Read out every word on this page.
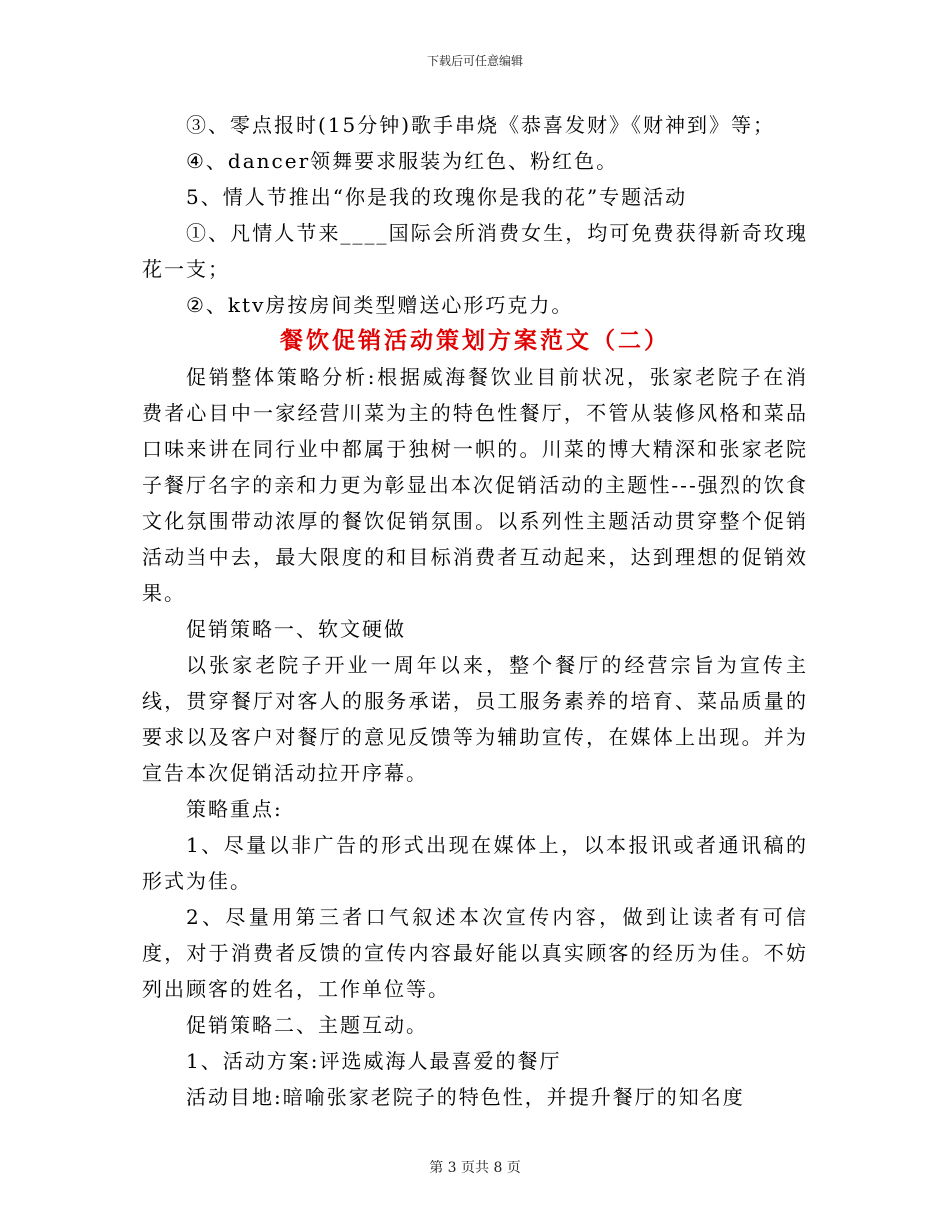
下载后可任意编辑

③、零点报时(15分钟)歌手串烧《恭喜发财》《财神到》等；

④、dancer领舞要求服装为红色、粉红色。

5、情人节推出“你是我的玫瑰你是我的花”专题活动

①、凡情人节来____国际会所消费女生，均可免费获得新奇玫瑰花一支；

②、ktv房按房间类型赠送心形巧克力。

餐饮促销活动策划方案范文（二）

促销整体策略分析:根据威海餐饮业目前状况，张家老院子在消费者心目中一家经营川菜为主的特色性餐厅，不管从装修风格和菜品口味来讲在同行业中都属于独树一帜的。川菜的博大精深和张家老院子餐厅名字的亲和力更为彰显出本次促销活动的主题性---强烈的饮食文化氛围带动浓厚的餐饮促销氛围。以系列性主题活动贯穿整个促销活动当中去，最大限度的和目标消费者互动起来，达到理想的促销效果。

促销策略一、软文硬做

以张家老院子开业一周年以来，整个餐厅的经营宗旨为宣传主线，贯穿餐厅对客人的服务承诺，员工服务素养的培育、菜品质量的要求以及客户对餐厅的意见反馈等为辅助宣传，在媒体上出现。并为宣告本次促销活动拉开序幕。

策略重点:

1、尽量以非广告的形式出现在媒体上，以本报讯或者通讯稿的形式为佳。

2、尽量用第三者口气叙述本次宣传内容，做到让读者有可信度，对于消费者反馈的宣传内容最好能以真实顾客的经历为佳。不妨列出顾客的姓名，工作单位等。

促销策略二、主题互动。

1、活动方案:评选威海人最喜爱的餐厅

活动目地:暗喻张家老院子的特色性，并提升餐厅的知名度

第 3 页共 8 页
